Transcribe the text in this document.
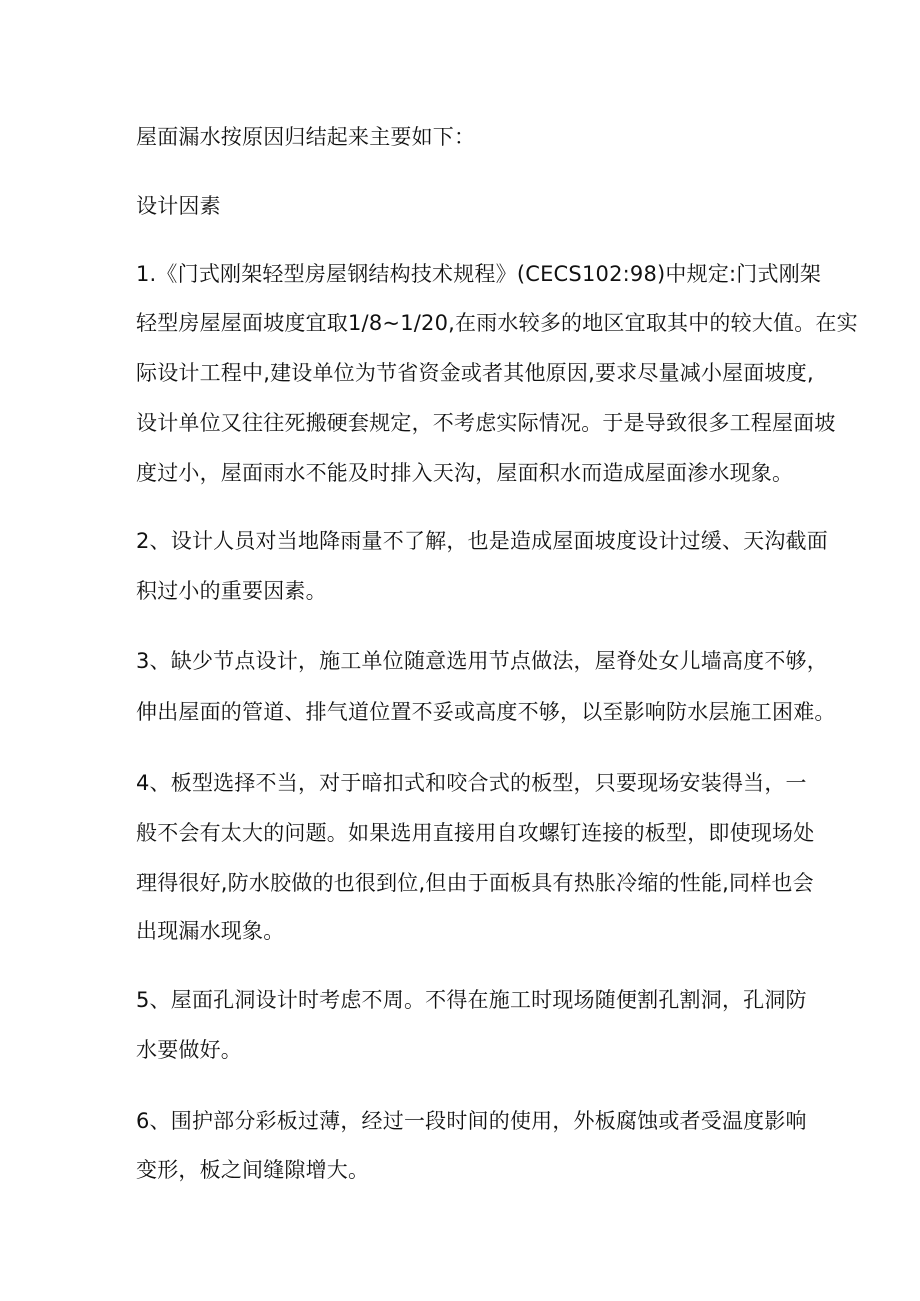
屋面漏水按原因归结起来主要如下：
设计因素
1.《门式刚架轻型房屋钢结构技术规程》(CECS102:98)中规定:门式刚架
轻型房屋屋面坡度宜取1/8~1/20,在雨水较多的地区宜取其中的较大值。在实
际设计工程中,建设单位为节省资金或者其他原因,要求尽量减小屋面坡度,
设计单位又往往死搬硬套规定，不考虑实际情况。于是导致很多工程屋面坡
度过小，屋面雨水不能及时排入天沟，屋面积水而造成屋面渗水现象。
2、设计人员对当地降雨量不了解，也是造成屋面坡度设计过缓、天沟截面
积过小的重要因素。
3、缺少节点设计，施工单位随意选用节点做法，屋脊处女儿墙高度不够，
伸出屋面的管道、排气道位置不妥或高度不够，以至影响防水层施工困难。
4、板型选择不当，对于暗扣式和咬合式的板型，只要现场安装得当，一
般不会有太大的问题。如果选用直接用自攻螺钉连接的板型，即使现场处
理得很好,防水胶做的也很到位,但由于面板具有热胀冷缩的性能,同样也会
出现漏水现象。
5、屋面孔洞设计时考虑不周。不得在施工时现场随便割孔割洞，孔洞防
水要做好。
6、围护部分彩板过薄，经过一段时间的使用，外板腐蚀或者受温度影响
变形，板之间缝隙增大。
